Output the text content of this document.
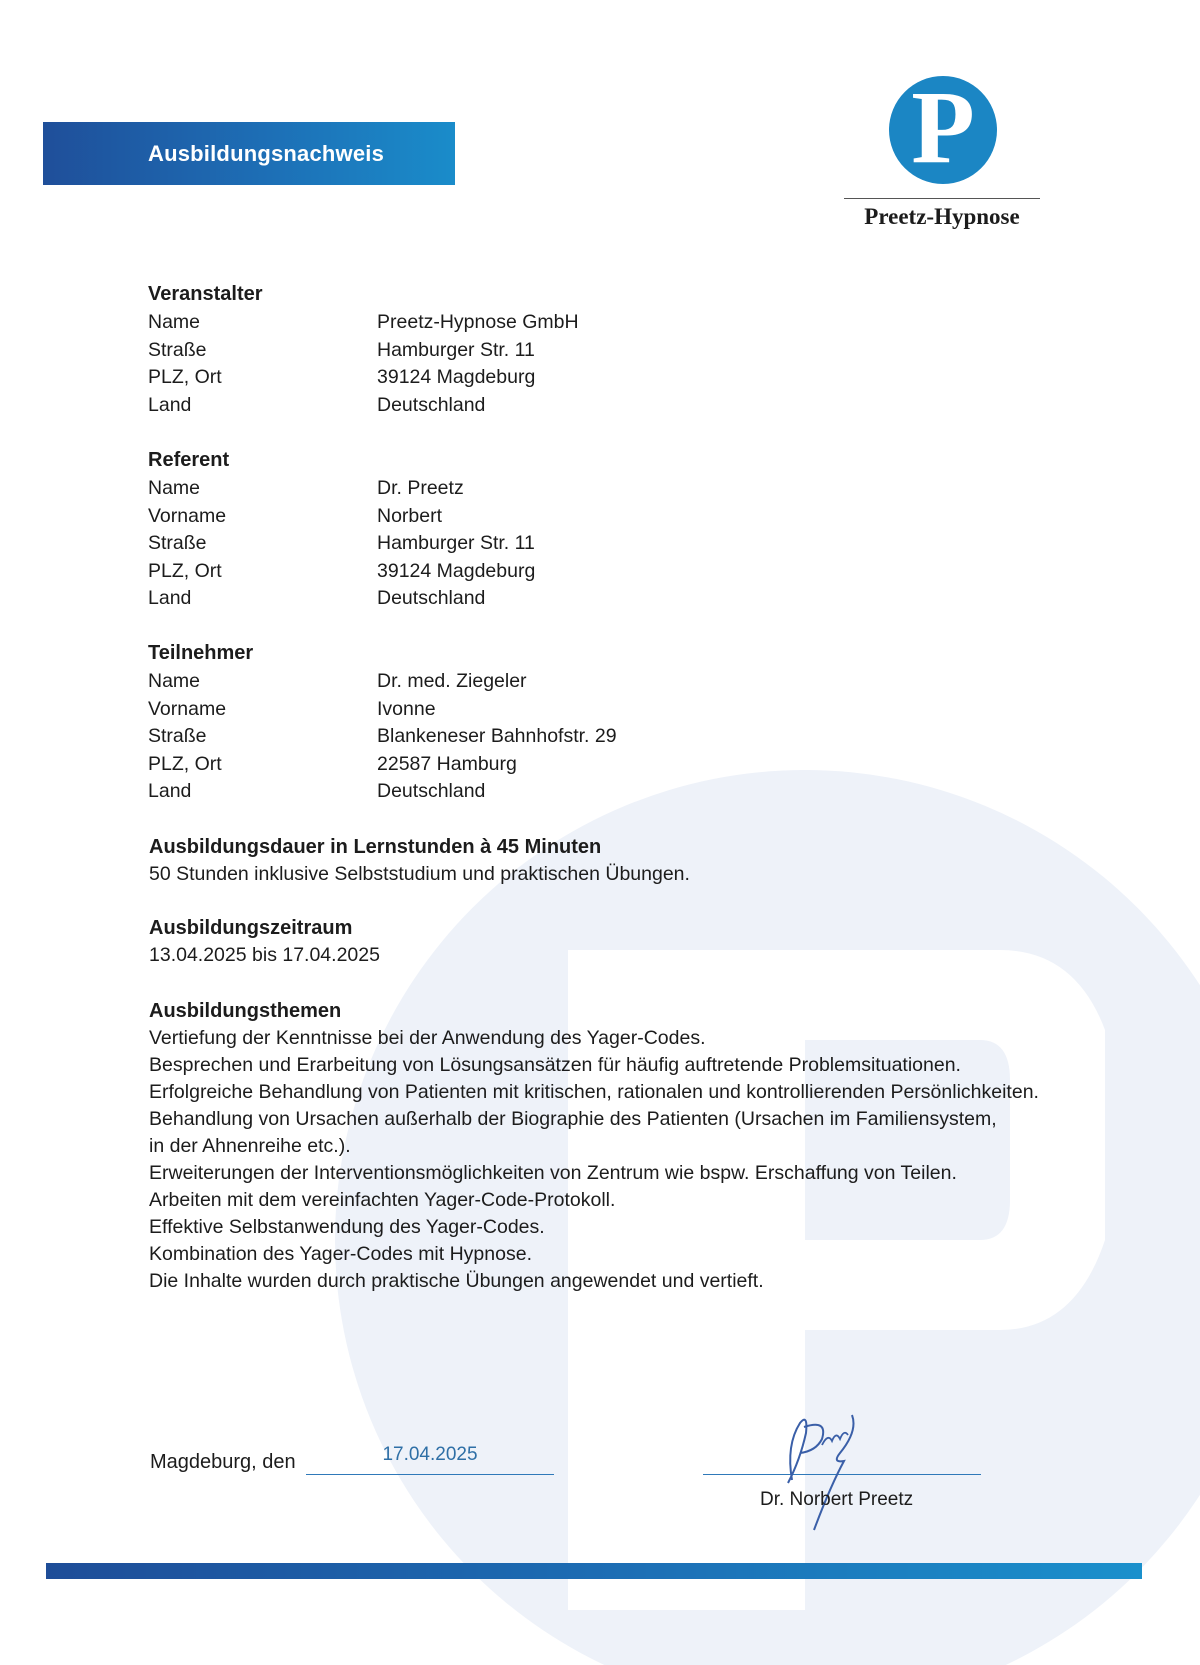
Ausbildungsnachweis	P
Preetz-Hypnose
Veranstalter
Name	Preetz-Hypnose GmbH
Straße	Hamburger Str. 11
PLZ, Ort	39124 Magdeburg
Land	Deutschland
Referent
Name	Dr. Preetz
Vorname	Norbert
Straße	Hamburger Str. 11
PLZ, Ort	39124 Magdeburg
Land	Deutschland
Teilnehmer
Name	Dr. med. Ziegeler
Vorname	Ivonne
Straße	Blankeneser Bahnhofstr. 29
PLZ, Ort	22587 Hamburg
Land	Deutschland
Ausbildungsdauer in Lernstunden à 45 Minuten
50 Stunden inklusive Selbststudium und praktischen Übungen.
Ausbildungszeitraum
13.04.2025 bis 17.04.2025
Ausbildungsthemen
Vertiefung der Kenntnisse bei der Anwendung des Yager-Codes.
Besprechen und Erarbeitung von Lösungsansätzen für häufig auftretende Problemsituationen.
Erfolgreiche Behandlung von Patienten mit kritischen, rationalen und kontrollierenden Persönlichkeiten.
Behandlung von Ursachen außerhalb der Biographie des Patienten (Ursachen im Familiensystem,
in der Ahnenreihe etc.).
Erweiterungen der Interventionsmöglichkeiten von Zentrum wie bspw. Erschaffung von Teilen.
Arbeiten mit dem vereinfachten Yager-Code-Protokoll.
Effektive Selbstanwendung des Yager-Codes.
Kombination des Yager-Codes mit Hypnose.
Die Inhalte wurden durch praktische Übungen angewendet und vertieft.
Magdeburg, den	17.04.2025
Dr. Norbert Preetz
